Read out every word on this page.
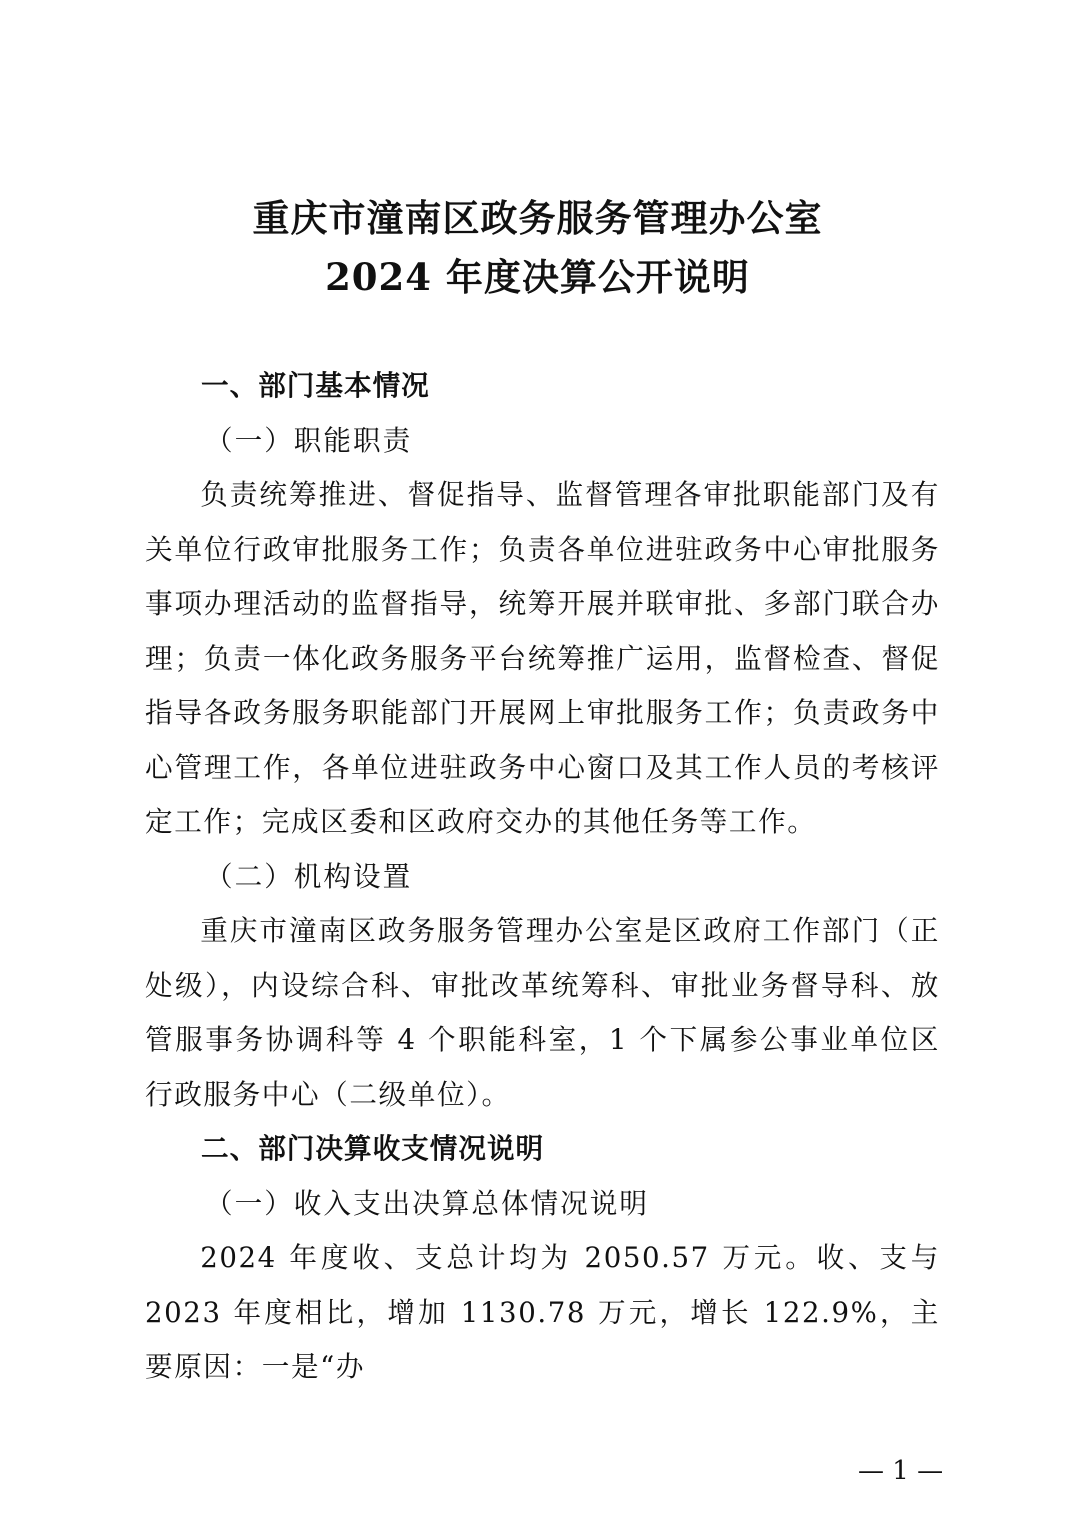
重庆市潼南区政务服务管理办公室
2024 年度决算公开说明
一、部门基本情况
（一）职能职责

负责统筹推进、督促指导、监督管理各审批职能部门及有关单位行政审批服务工作；负责各单位进驻政务中心审批服务事项办理活动的监督指导，统筹开展并联审批、多部门联合办理；负责一体化政务服务平台统筹推广运用，监督检查、督促指导各政务服务职能部门开展网上审批服务工作；负责政务中心管理工作，各单位进驻政务中心窗口及其工作人员的考核评定工作；完成区委和区政府交办的其他任务等工作。

（二）机构设置

重庆市潼南区政务服务管理办公室是区政府工作部门（正处级），内设综合科、审批改革统筹科、审批业务督导科、放管服事务协调科等 4 个职能科室，1 个下属参公事业单位区行政服务中心（二级单位）。

二、部门决算收支情况说明
（一）收入支出决算总体情况说明

2024 年度收、支总计均为 2050.57 万元。收、支与 2023 年度相比，增加 1130.78 万元，增长 122.9%，主要原因：一是“办

— 1 —
